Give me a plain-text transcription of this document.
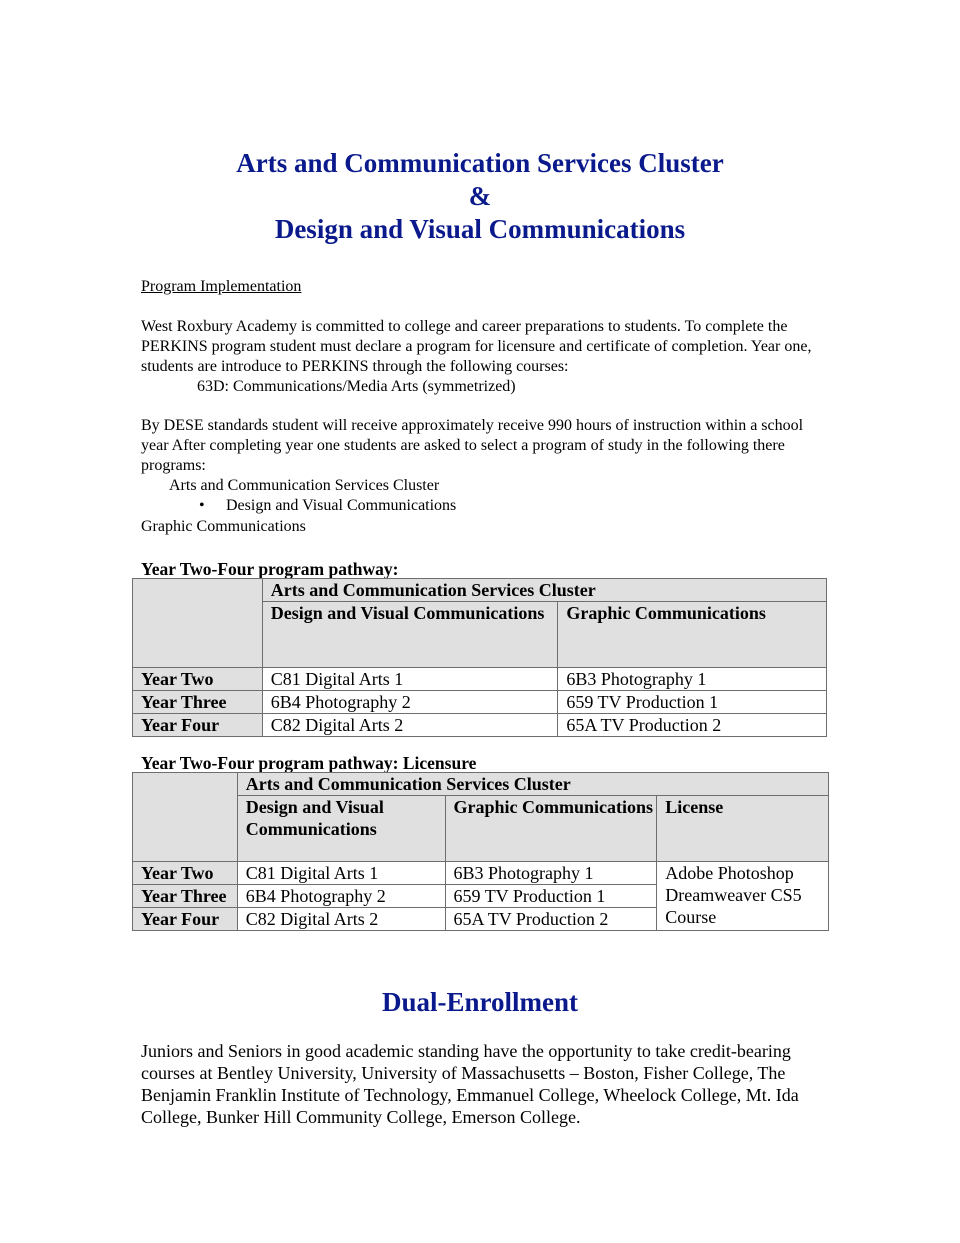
Arts and Communication Services Cluster
&
Design and Visual Communications
Program Implementation

West Roxbury Academy is committed to college and career preparations to students. To complete the PERKINS program student must declare a program for licensure and certificate of completion. Year one, students are introduce to PERKINS through the following courses:

63D: Communications/Media Arts (symmetrized)

By DESE standards student will receive approximately receive 990 hours of instruction within a school year After completing year one students are asked to select a program of study in the following there programs:

Arts and Communication Services Cluster
• Design and Visual Communications
Graphic Communications
Year Two-Four program pathway:
	Arts and Communication Services Cluster	
	Design and Visual Communications	Graphic Communications
Year Two	C81 Digital Arts 1	6B3 Photography 1
Year Three	6B4 Photography 2	659 TV Production 1
Year Four	C82 Digital Arts 2	65A TV Production 2
Year Two-Four program pathway: Licensure
	Arts and Communication Services Cluster		
	Design and Visual Communications	Graphic Communications	License
Year Two	C81 Digital Arts 1	6B3 Photography 1	Adobe Photoshop Dreamweaver CS5 Course
Year Three	6B4 Photography 2	659 TV Production 1	
Year Four	C82 Digital Arts 2	65A TV Production 2	
Dual-Enrollment

Juniors and Seniors in good academic standing have the opportunity to take credit-bearing courses at Bentley University, University of Massachusetts – Boston, Fisher College, The Benjamin Franklin Institute of Technology, Emmanuel College, Wheelock College, Mt. Ida College, Bunker Hill Community College, Emerson College.
